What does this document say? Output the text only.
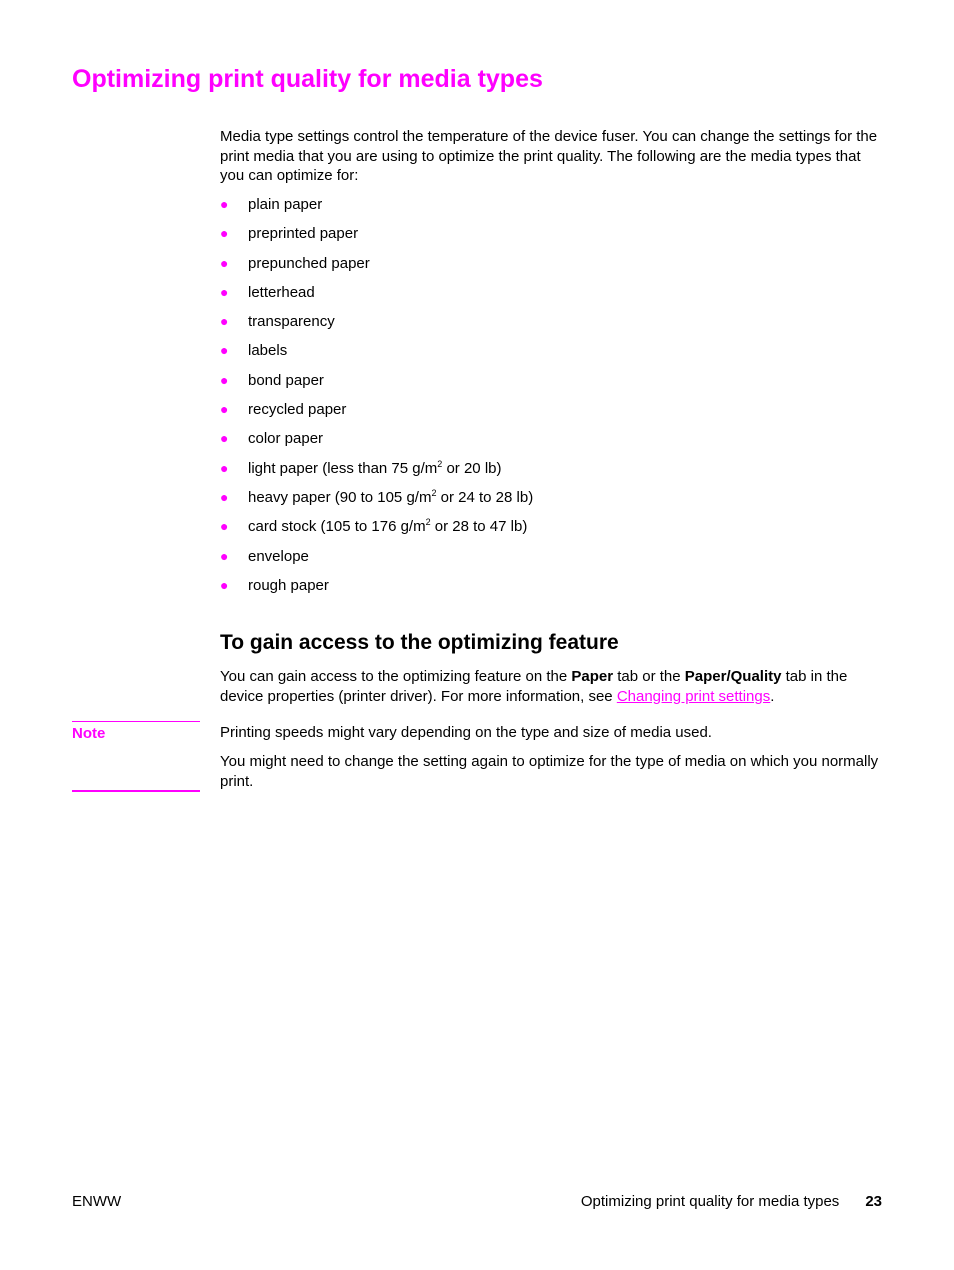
Optimizing print quality for media types

Media type settings control the temperature of the device fuser. You can change the settings for the print media that you are using to optimize the print quality. The following are the media types that you can optimize for:

● plain paper
● preprinted paper
● prepunched paper
● letterhead
● transparency
● labels
● bond paper
● recycled paper
● color paper
● light paper (less than 75 $g/m^2$ or 20 lb)
● heavy paper (90 to 105 $g/m^2$ or 24 to 28 lb)
● card stock (105 to 176 $g/m^2$ or 28 to 47 lb)
● envelope
● rough paper
To gain access to the optimizing feature

You can gain access to the optimizing feature on the Paper tab or the Paper/Quality tab in the device properties (printer driver). For more information, see Changing print settings.

Note	Printing speeds might vary depending on the type and size of media used.

You might need to change the setting again to optimize for the type of media on which you normally print.

ENWW	Optimizing print quality for media types 23
